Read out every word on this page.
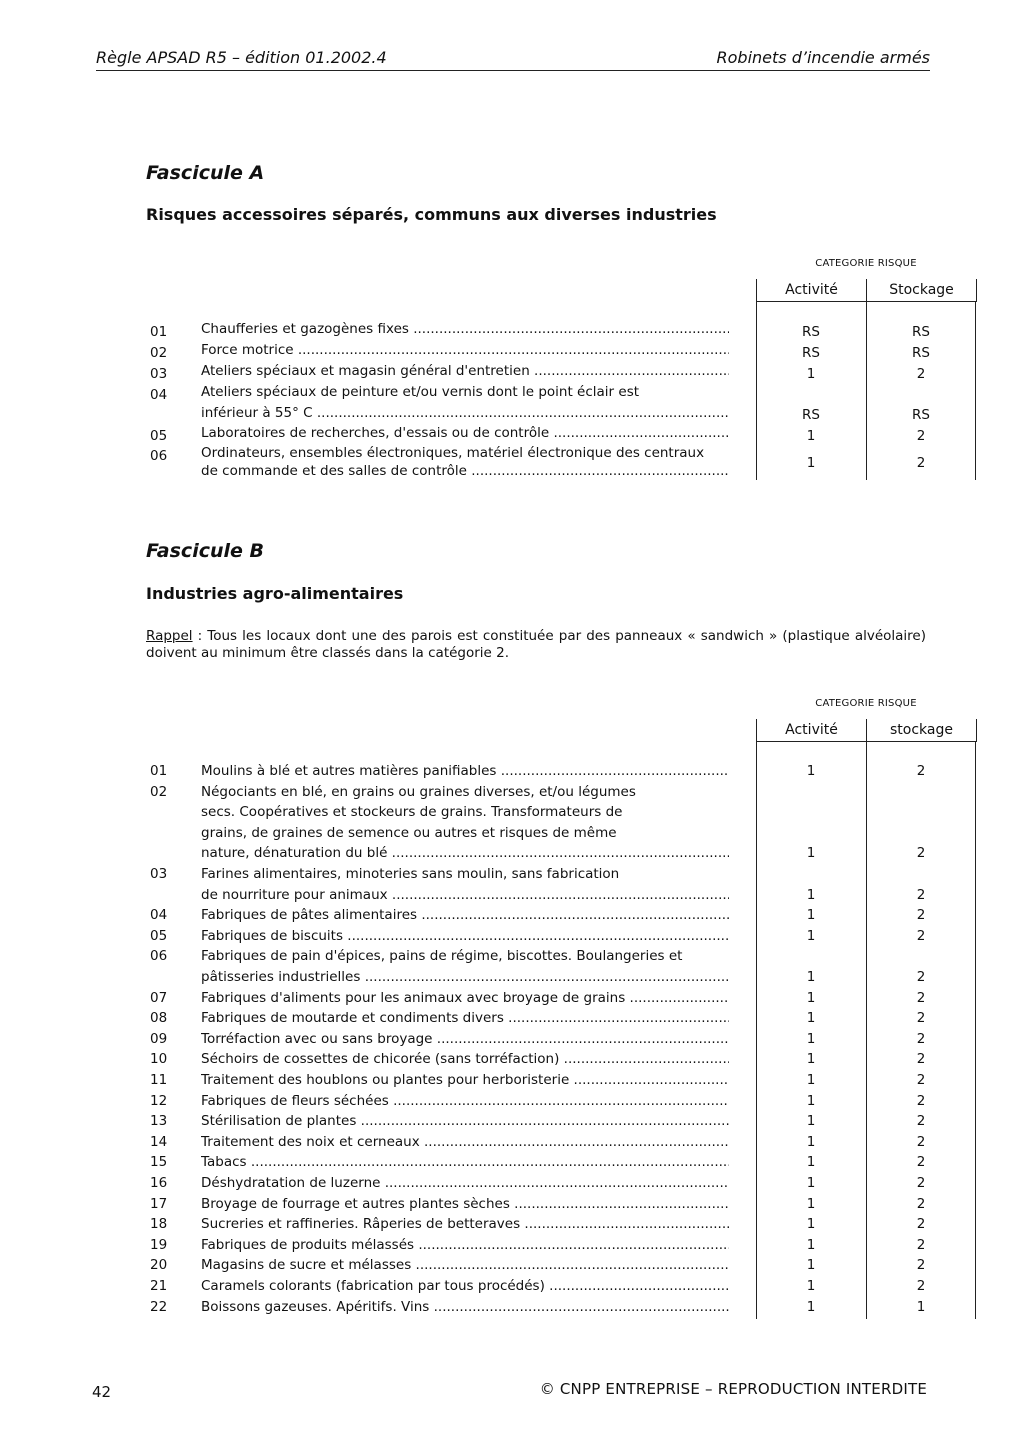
Règle APSAD R5 – édition 01.2002.4	Robinets d’incendie armés
Fascicule A
Risques accessoires séparés, communs aux diverses industries
CATEGORIE RISQUE
Activité	Stockage
01	Chaufferies et gazogènes fixes .....	RS	RS
02	Force motrice .....	RS	RS
03	Ateliers spéciaux et magasin général d'entretien .....	1	2
04	Ateliers spéciaux de peinture et/ou vernis dont le point éclair est
inférieur à 55° C .....	RS	RS
05	Laboratoires de recherches, d'essais ou de contrôle .....	1	2
06	Ordinateurs, ensembles électroniques, matériel électronique des centraux
de commande et des salles de contrôle .....	1	2
Fascicule B
Industries agro-alimentaires
Rappel : Tous les locaux dont une des parois est constituée par des panneaux « sandwich » (plastique alvéolaire) doivent au minimum être classés dans la catégorie 2.
CATEGORIE RISQUE
Activité	stockage
01	Moulins à blé et autres matières panifiables .....	1	2
02	Négociants en blé, en grains ou graines diverses, et/ou légumes
secs. Coopératives et stockeurs de grains. Transformateurs de
grains, de graines de semence ou autres et risques de même
nature, dénaturation du blé .....	1	2
03	Farines alimentaires, minoteries sans moulin, sans fabrication
de nourriture pour animaux .....	1	2
04	Fabriques de pâtes alimentaires .....	1	2
05	Fabriques de biscuits .....	1	2
06	Fabriques de pain d'épices, pains de régime, biscottes. Boulangeries et
pâtisseries industrielles .....	1	2
07	Fabriques d'aliments pour les animaux avec broyage de grains .....	1	2
08	Fabriques de moutarde et condiments divers .....	1	2
09	Torréfaction avec ou sans broyage .....	1	2
10	Séchoirs de cossettes de chicorée (sans torréfaction) .....	1	2
11	Traitement des houblons ou plantes pour herboristerie .....	1	2
12	Fabriques de fleurs séchées .....	1	2
13	Stérilisation de plantes .....	1	2
14	Traitement des noix et cerneaux .....	1	2
15	Tabacs .....	1	2
16	Déshydratation de luzerne .....	1	2
17	Broyage de fourrage et autres plantes sèches .....	1	2
18	Sucreries et raffineries. Râperies de betteraves .....	1	2
19	Fabriques de produits mélassés .....	1	2
20	Magasins de sucre et mélasses .....	1	2
21	Caramels colorants (fabrication par tous procédés) .....	1	2
22	Boissons gazeuses. Apéritifs. Vins .....	1	1
42	© CNPP ENTREPRISE – REPRODUCTION INTERDITE
